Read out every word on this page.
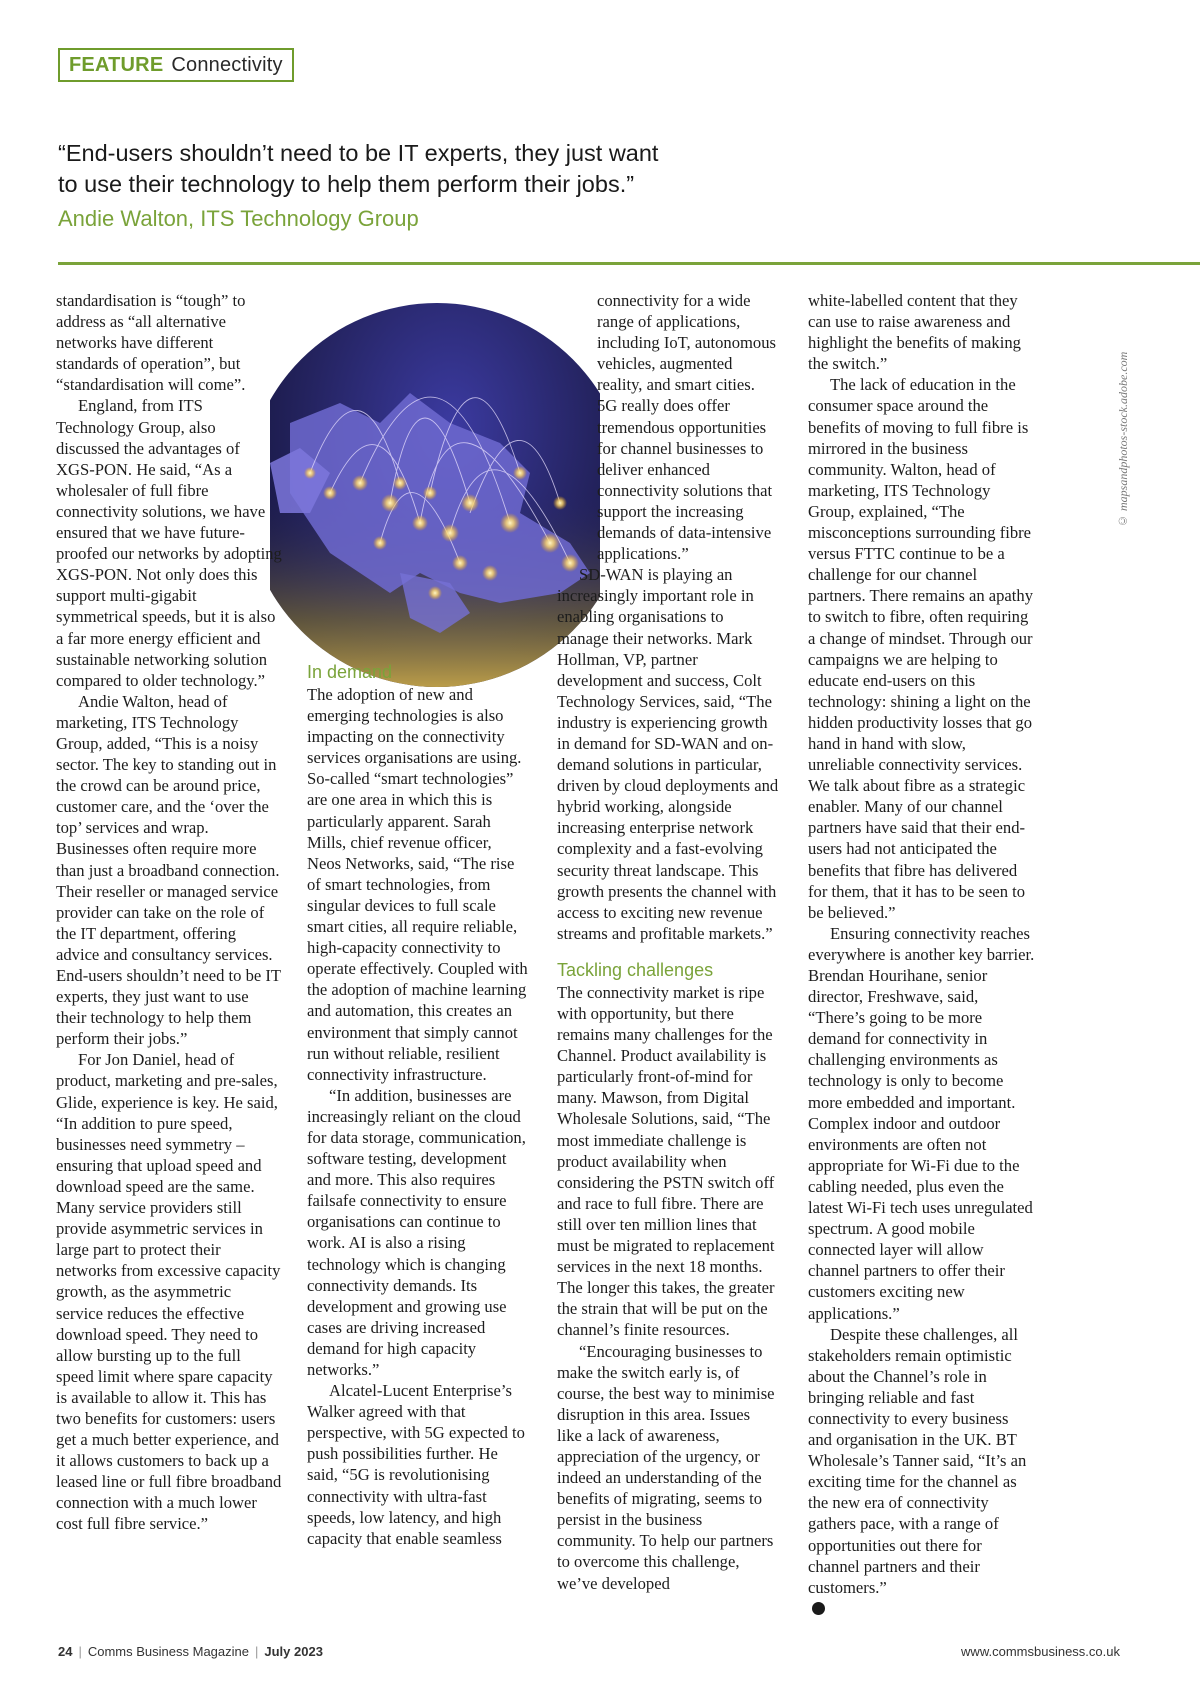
FEATURE Connectivity

“End-users shouldn’t need to be IT experts, they just want to use their technology to help them perform their jobs.”

Andie Walton, ITS Technology Group

standardisation is “tough” to address as “all alternative networks have different standards of operation”, but “standardisation will come”.

England, from ITS Technology Group, also discussed the advantages of XGS-PON. He said, “As a wholesaler of full fibre connectivity solutions, we have ensured that we have future-proofed our networks by adopting XGS-PON. Not only does this support multi-gigabit symmetrical speeds, but it is also a far more energy efficient and sustainable networking solution compared to older technology.”

Andie Walton, head of marketing, ITS Technology Group, added, “This is a noisy sector. The key to standing out in the crowd can be around price, customer care, and the ‘over the top’ services and wrap. Businesses often require more than just a broadband connection. Their reseller or managed service provider can take on the role of the IT department, offering advice and consultancy services. End-users shouldn’t need to be IT experts, they just want to use their technology to help them perform their jobs.”

For Jon Daniel, head of product, marketing and pre-sales, Glide, experience is key. He said, “In addition to pure speed, businesses need symmetry – ensuring that upload speed and download speed are the same. Many service providers still provide asymmetric services in large part to protect their networks from excessive capacity growth, as the asymmetric service reduces the effective download speed. They need to allow bursting up to the full speed limit where spare capacity is available to allow it. This has two benefits for customers: users get a much better experience, and it allows customers to back up a leased line or full fibre broadband connection with a much lower cost full fibre service.”

In demand

The adoption of new and emerging technologies is also impacting on the connectivity services organisations are using. So-called “smart technologies” are one area in which this is particularly apparent. Sarah Mills, chief revenue officer, Neos Networks, said, “The rise of smart technologies, from singular devices to full scale smart cities, all require reliable, high-capacity connectivity to operate effectively. Coupled with the adoption of machine learning and automation, this creates an environment that simply cannot run without reliable, resilient connectivity infrastructure.

“In addition, businesses are increasingly reliant on the cloud for data storage, communication, software testing, development and more. This also requires failsafe connectivity to ensure organisations can continue to work. AI is also a rising technology which is changing connectivity demands. Its development and growing use cases are driving increased demand for high capacity networks.”

Alcatel-Lucent Enterprise’s Walker agreed with that perspective, with 5G expected to push possibilities further. He said, “5G is revolutionising connectivity with ultra-fast speeds, low latency, and high capacity that enable seamless

connectivity for a wide range of applications, including IoT, autonomous vehicles, augmented reality, and smart cities. 5G really does offer tremendous opportunities for channel businesses to deliver enhanced connectivity solutions that support the increasing demands of data-intensive applications.”

SD-WAN is playing an increasingly important role in enabling organisations to manage their networks. Mark Hollman, VP, partner development and success, Colt Technology Services, said, “The industry is experiencing growth in demand for SD-WAN and on-demand solutions in particular, driven by cloud deployments and hybrid working, alongside increasing enterprise network complexity and a fast-evolving security threat landscape. This growth presents the channel with access to exciting new revenue streams and profitable markets.”

Tackling challenges

The connectivity market is ripe with opportunity, but there remains many challenges for the Channel. Product availability is particularly front-of-mind for many. Mawson, from Digital Wholesale Solutions, said, “The most immediate challenge is product availability when considering the PSTN switch off and race to full fibre. There are still over ten million lines that must be migrated to replacement services in the next 18 months. The longer this takes, the greater the strain that will be put on the channel’s finite resources.

“Encouraging businesses to make the switch early is, of course, the best way to minimise disruption in this area. Issues like a lack of awareness, appreciation of the urgency, or indeed an understanding of the benefits of migrating, seems to persist in the business community. To help our partners to overcome this challenge, we’ve developed

white-labelled content that they can use to raise awareness and highlight the benefits of making the switch.”

The lack of education in the consumer space around the benefits of moving to full fibre is mirrored in the business community. Walton, head of marketing, ITS Technology Group, explained, “The misconceptions surrounding fibre versus FTTC continue to be a challenge for our channel partners. There remains an apathy to switch to fibre, often requiring a change of mindset. Through our campaigns we are helping to educate end-users on this technology: shining a light on the hidden productivity losses that go hand in hand with slow, unreliable connectivity services. We talk about fibre as a strategic enabler. Many of our channel partners have said that their end-users had not anticipated the benefits that fibre has delivered for them, that it has to be seen to be believed.”

Ensuring connectivity reaches everywhere is another key barrier. Brendan Hourihane, senior director, Freshwave, said, “There’s going to be more demand for connectivity in challenging environments as technology is only to become more embedded and important. Complex indoor and outdoor environments are often not appropriate for Wi-Fi due to the cabling needed, plus even the latest Wi-Fi tech uses unregulated spectrum. A good mobile connected layer will allow channel partners to offer their customers exciting new applications.”

Despite these challenges, all stakeholders remain optimistic about the Channel’s role in bringing reliable and fast connectivity to every business and organisation in the UK. BT Wholesale’s Tanner said, “It’s an exciting time for the channel as the new era of connectivity gathers pace, with a range of opportunities out there for channel partners and their customers.”

© mapsandphotos-stock.adobe.com
24 | Comms Business Magazine | July 2023	www.commsbusiness.co.uk
